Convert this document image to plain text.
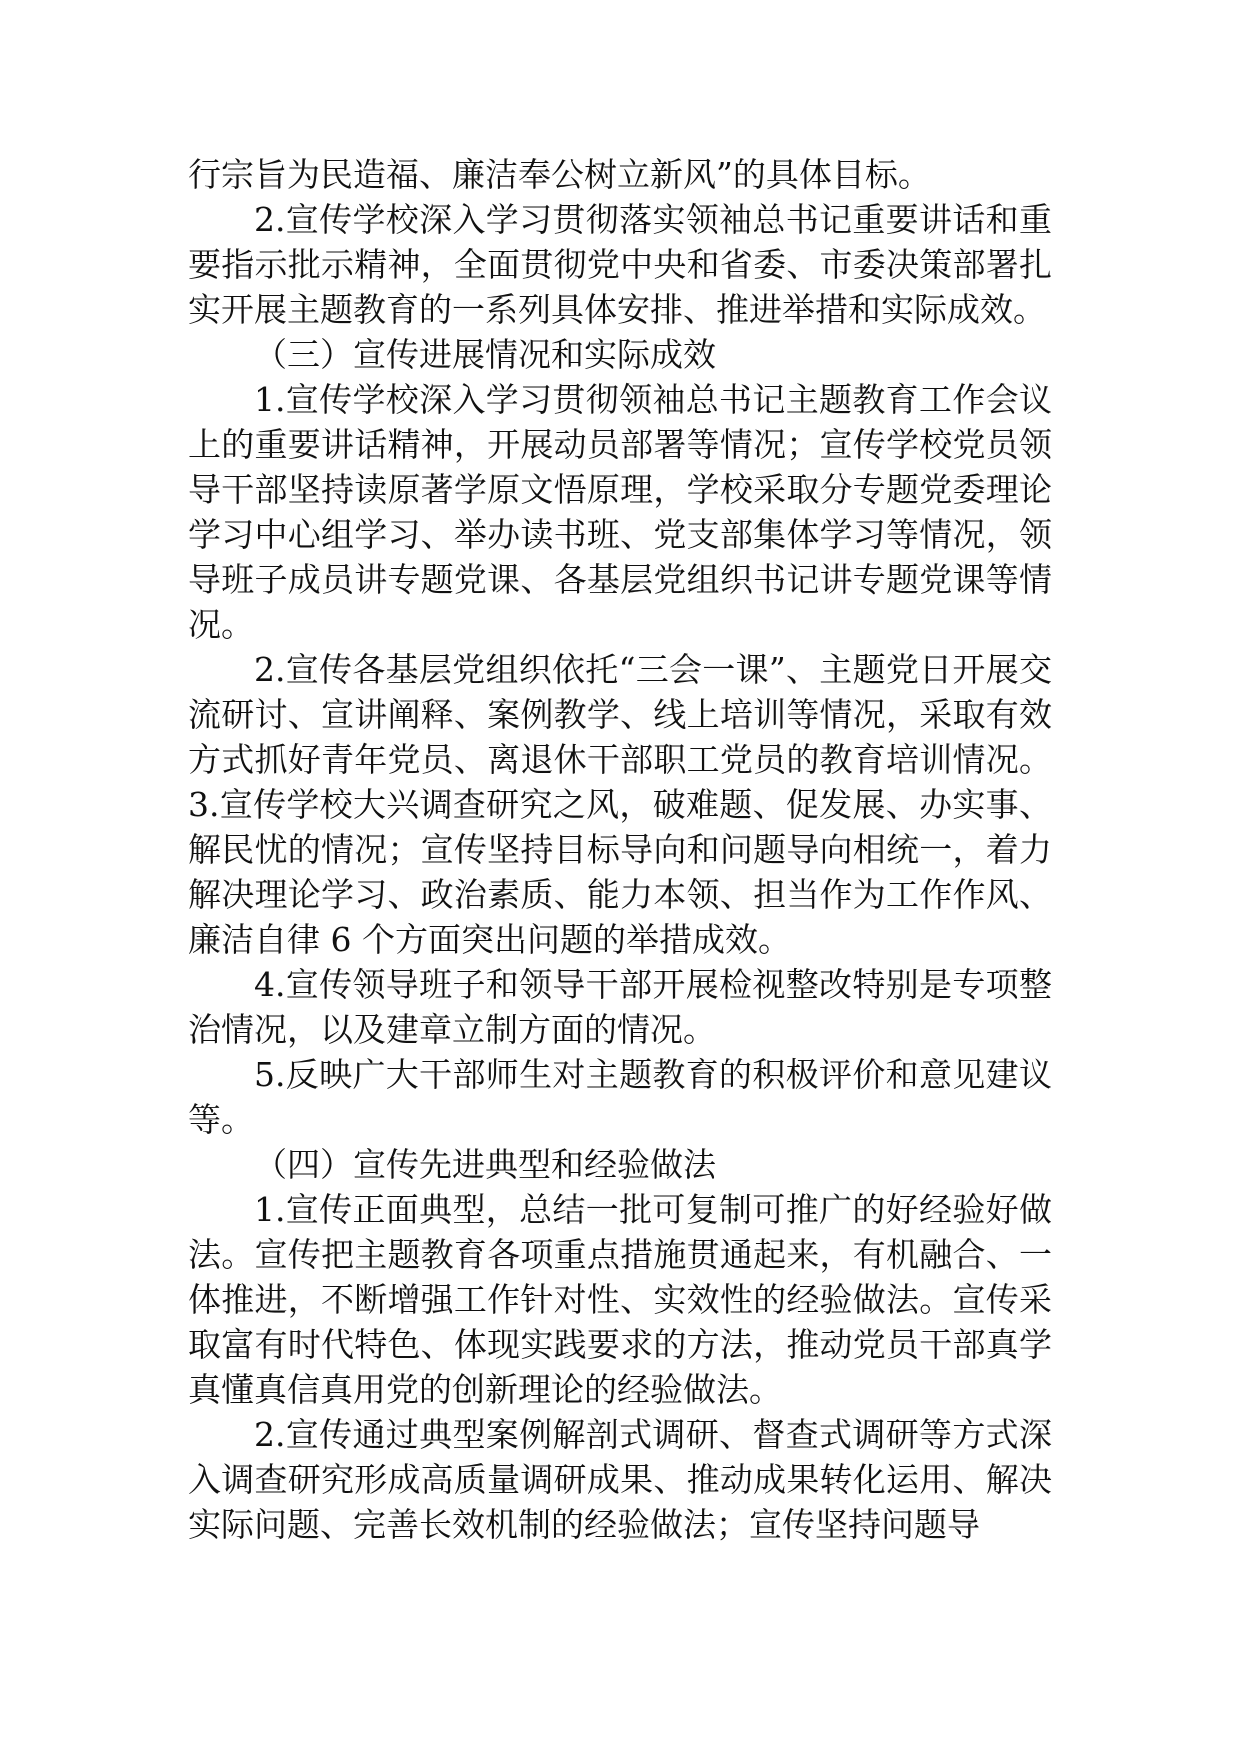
行宗旨为民造福、廉洁奉公树立新风”的具体目标。

2.宣传学校深入学习贯彻落实领袖总书记重要讲话和重要指示批示精神，全面贯彻党中央和省委、市委决策部署扎实开展主题教育的一系列具体安排、推进举措和实际成效。

（三）宣传进展情况和实际成效

1.宣传学校深入学习贯彻领袖总书记主题教育工作会议上的重要讲话精神，开展动员部署等情况；宣传学校党员领导干部坚持读原著学原文悟原理，学校采取分专题党委理论学习中心组学习、举办读书班、党支部集体学习等情况，领导班子成员讲专题党课、各基层党组织书记讲专题党课等情况。

2.宣传各基层党组织依托“三会一课”、主题党日开展交流研讨、宣讲阐释、案例教学、线上培训等情况，采取有效方式抓好青年党员、离退休干部职工党员的教育培训情况。3.宣传学校大兴调查研究之风，破难题、促发展、办实事、解民忧的情况；宣传坚持目标导向和问题导向相统一，着力解决理论学习、政治素质、能力本领、担当作为工作作风、廉洁自律 6 个方面突出问题的举措成效。

4.宣传领导班子和领导干部开展检视整改特别是专项整治情况，以及建章立制方面的情况。

5.反映广大干部师生对主题教育的积极评价和意见建议等。

（四）宣传先进典型和经验做法

1.宣传正面典型，总结一批可复制可推广的好经验好做法。宣传把主题教育各项重点措施贯通起来，有机融合、一体推进，不断增强工作针对性、实效性的经验做法。宣传采取富有时代特色、体现实践要求的方法，推动党员干部真学真懂真信真用党的创新理论的经验做法。

2.宣传通过典型案例解剖式调研、督查式调研等方式深入调查研究形成高质量调研成果、推动成果转化运用、解决实际问题、完善长效机制的经验做法；宣传坚持问题导
